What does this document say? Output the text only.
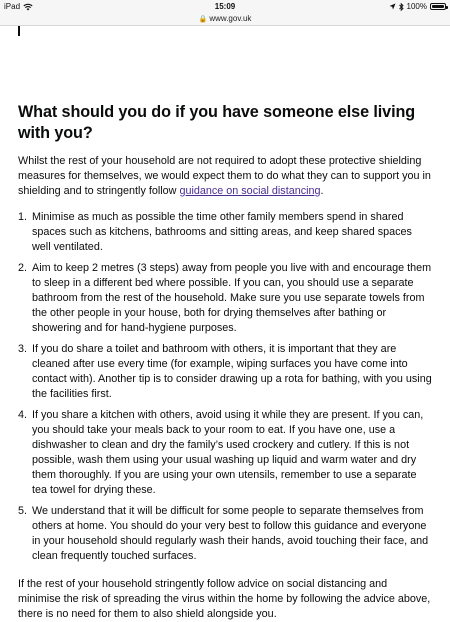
iPad	15:09	100%
🔒 www.gov.uk
What should you do if you have someone else living with you?

Whilst the rest of your household are not required to adopt these protective shielding measures for themselves, we would expect them to do what they can to support you in shielding and to stringently follow guidance on social distancing.

1. Minimise as much as possible the time other family members spend in shared spaces such as kitchens, bathrooms and sitting areas, and keep shared spaces well ventilated.
2. Aim to keep 2 metres (3 steps) away from people you live with and encourage them to sleep in a different bed where possible. If you can, you should use a separate bathroom from the rest of the household. Make sure you use separate towels from the other people in your house, both for drying themselves after bathing or showering and for hand-hygiene purposes.
3. If you do share a toilet and bathroom with others, it is important that they are cleaned after use every time (for example, wiping surfaces you have come into contact with). Another tip is to consider drawing up a rota for bathing, with you using the facilities first.
4. If you share a kitchen with others, avoid using it while they are present. If you can, you should take your meals back to your room to eat. If you have one, use a dishwasher to clean and dry the family’s used crockery and cutlery. If this is not possible, wash them using your usual washing up liquid and warm water and dry them thoroughly. If you are using your own utensils, remember to use a separate tea towel for drying these.
5. We understand that it will be difficult for some people to separate themselves from others at home. You should do your very best to follow this guidance and everyone in your household should regularly wash their hands, avoid touching their face, and clean frequently touched surfaces.

If the rest of your household stringently follow advice on social distancing and minimise the risk of spreading the virus within the home by following the advice above, there is no need for them to also shield alongside you.
